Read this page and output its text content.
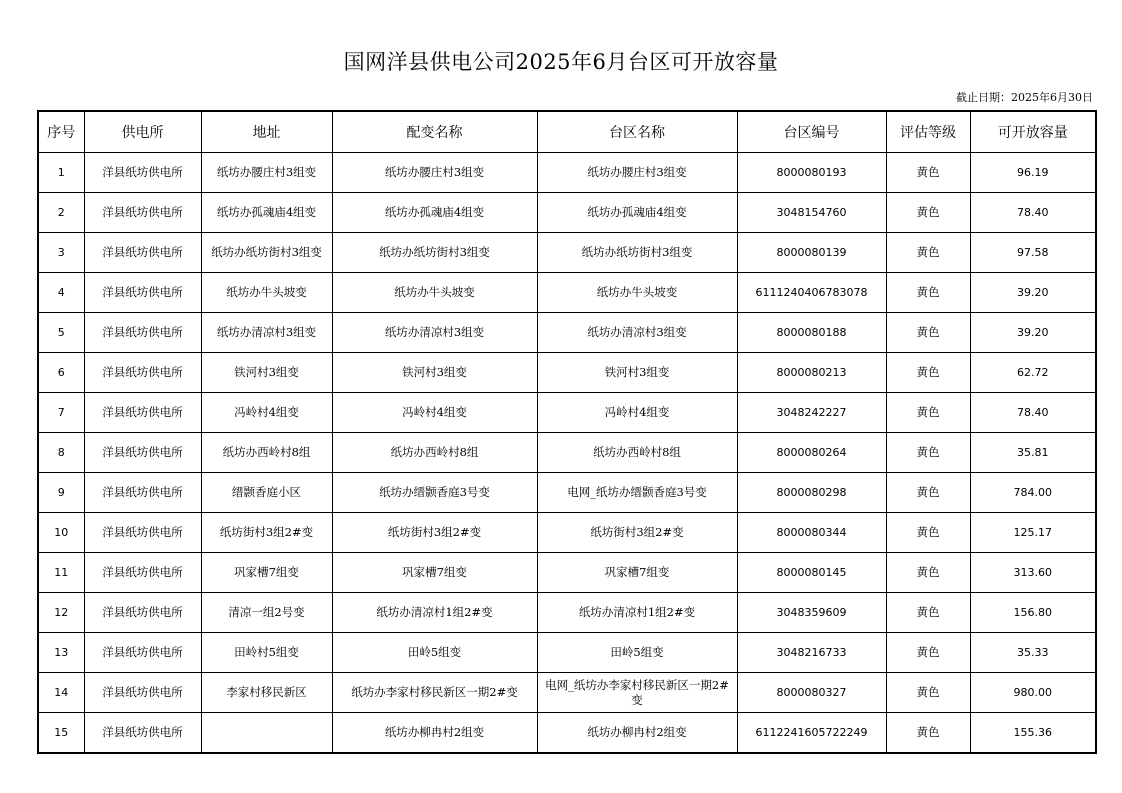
国网洋县供电公司2025年6月台区可开放容量
截止日期：2025年6月30日
序号	供电所	地址	配变名称	台区名称	台区编号	评估等级	可开放容量
1	洋县纸坊供电所	纸坊办腰庄村3组变	纸坊办腰庄村3组变	纸坊办腰庄村3组变	8000080193	黄色	96.19
2	洋县纸坊供电所	纸坊办孤魂庙4组变	纸坊办孤魂庙4组变	纸坊办孤魂庙4组变	3048154760	黄色	78.40
3	洋县纸坊供电所	纸坊办纸坊街村3组变	纸坊办纸坊街村3组变	纸坊办纸坊街村3组变	8000080139	黄色	97.58
4	洋县纸坊供电所	纸坊办牛头坡变	纸坊办牛头坡变	纸坊办牛头坡变	6111240406783078	黄色	39.20
5	洋县纸坊供电所	纸坊办清凉村3组变	纸坊办清凉村3组变	纸坊办清凉村3组变	8000080188	黄色	39.20
6	洋县纸坊供电所	铁河村3组变	铁河村3组变	铁河村3组变	8000080213	黄色	62.72
7	洋县纸坊供电所	冯岭村4组变	冯岭村4组变	冯岭村4组变	3048242227	黄色	78.40
8	洋县纸坊供电所	纸坊办西岭村8组	纸坊办西岭村8组	纸坊办西岭村8组	8000080264	黄色	35.81
9	洋县纸坊供电所	缙颢香庭小区	纸坊办缙颢香庭3号变	电网_纸坊办缙颢香庭3号变	8000080298	黄色	784.00
10	洋县纸坊供电所	纸坊街村3组2#变	纸坊街村3组2#变	纸坊街村3组2#变	8000080344	黄色	125.17
11	洋县纸坊供电所	巩家槽7组变	巩家槽7组变	巩家槽7组变	8000080145	黄色	313.60
12	洋县纸坊供电所	清凉一组2号变	纸坊办清凉村1组2#变	纸坊办清凉村1组2#变	3048359609	黄色	156.80
13	洋县纸坊供电所	田岭村5组变	田岭5组变	田岭5组变	3048216733	黄色	35.33
14	洋县纸坊供电所	李家村移民新区	纸坊办李家村移民新区一期2#变	电网_纸坊办李家村移民新区一期2#变	8000080327	黄色	980.00
15	洋县纸坊供电所		纸坊办柳冉村2组变	纸坊办柳冉村2组变	6112241605722249	黄色	155.36
